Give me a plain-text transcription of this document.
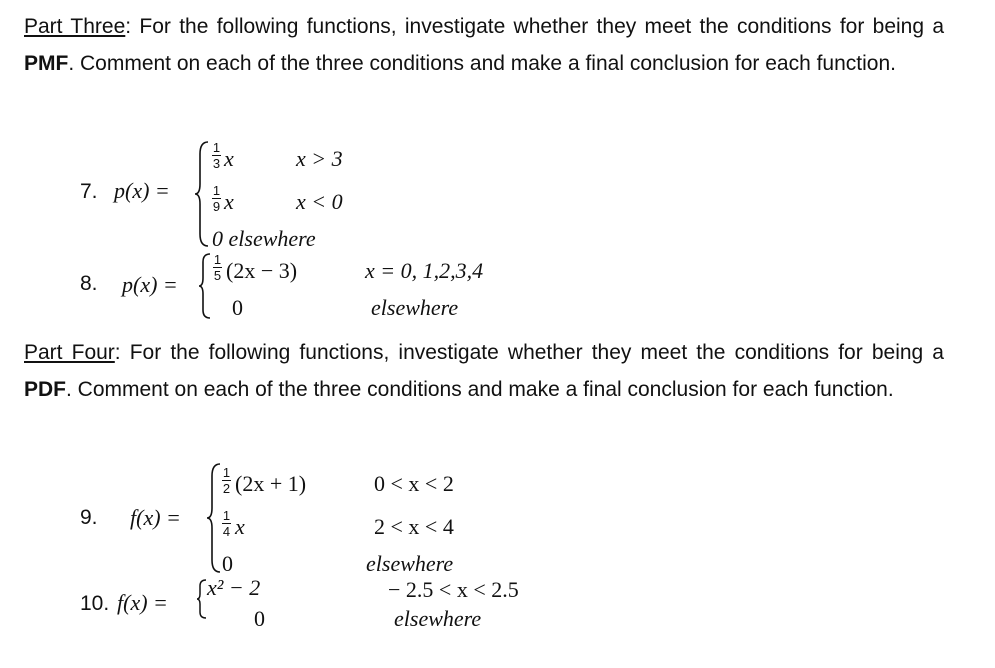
Part Three: For the following functions, investigate whether they meet the conditions for being a PMF. Comment on each of the three conditions and make a final conclusion for each function.
7. p(x) =
1
3 x	x > 3
1
9 x	x < 0
0 elsewhere
8. p(x) =
1
5 (2x − 3)	x = 0, 1,2,3,4
0	elsewhere
Part Four: For the following functions, investigate whether they meet the conditions for being a PDF. Comment on each of the three conditions and make a final conclusion for each function.
9. f(x) =
1
2 (2x + 1)	0 < x < 2
1
4 x	2 < x < 4
0	elsewhere
10. f(x) =
x² − 2	− 2.5 < x < 2.5
0	elsewhere
